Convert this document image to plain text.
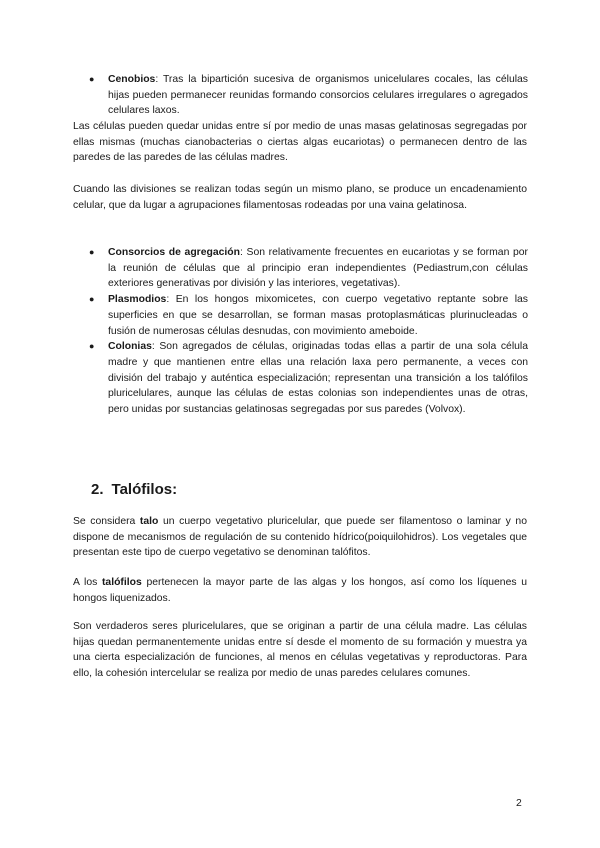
● Cenobios: Tras la bipartición sucesiva de organismos unicelulares cocales, las células hijas pueden permanecer reunidas formando consorcios celulares irregulares o agregados celulares laxos.

Las células pueden quedar unidas entre sí por medio de unas masas gelatinosas segregadas por ellas mismas (muchas cianobacterias o ciertas algas eucariotas) o permanecen dentro de las paredes de las paredes de las células madres.

Cuando las divisiones se realizan todas según un mismo plano, se produce un encadenamiento celular, que da lugar a agrupaciones filamentosas rodeadas por una vaina gelatinosa.

● Consorcios de agregación: Son relativamente frecuentes en eucariotas y se forman por la reunión de células que al principio eran independientes (Pediastrum,con células exteriores generativas por división y las interiores, vegetativas).
● Plasmodios: En los hongos mixomicetes, con cuerpo vegetativo reptante sobre las superficies en que se desarrollan, se forman masas protoplasmáticas plurinucleadas o fusión de numerosas células desnudas, con movimiento ameboide.
● Colonias: Son agregados de células, originadas todas ellas a partir de una sola célula madre y que mantienen entre ellas una relación laxa pero permanente, a veces con división del trabajo y auténtica especialización; representan una transición a los talófilos pluricelulares, aunque las células de estas colonias son independientes unas de otras, pero unidas por sustancias gelatinosas segregadas por sus paredes (Volvox).
2. Talófilos:

Se considera talo un cuerpo vegetativo pluricelular, que puede ser filamentoso o laminar y no dispone de mecanismos de regulación de su contenido hídrico(poiquilohidros). Los vegetales que presentan este tipo de cuerpo vegetativo se denominan talófitos.

A los talófilos pertenecen la mayor parte de las algas y los hongos, así como los líquenes u hongos liquenizados.

Son verdaderos seres pluricelulares, que se originan a partir de una célula madre. Las células hijas quedan permanentemente unidas entre sí desde el momento de su formación y muestra ya una cierta especialización de funciones, al menos en células vegetativas y reproductoras. Para ello, la cohesión intercelular se realiza por medio de unas paredes celulares comunes.

2
